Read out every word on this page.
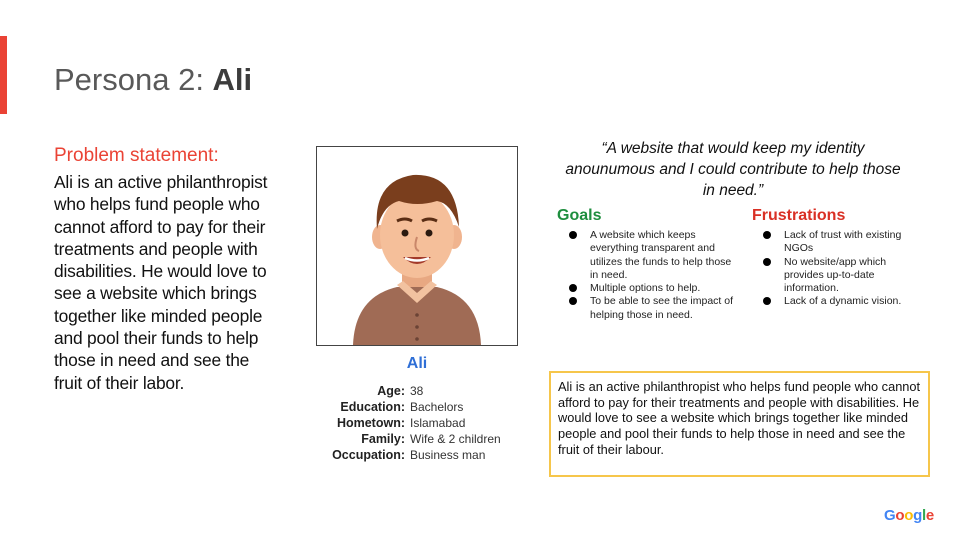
Persona 2: Ali
Problem statement:
Ali is an active philanthropist who helps fund people who cannot afford to pay for their treatments and people with disabilities. He would love to see a website which brings together like minded people and pool their funds to help those in need and see the fruit of their labor.
Ali
Age: 38
Education: Bachelors
Hometown: Islamabad
Family: Wife & 2 children
Occupation: Business man
“A website that would keep my identity anounumous and I could contribute to help those in need.”
Goals
A website which keeps everything transparent and utilizes the funds to help those in need.
Multiple options to help.
To be able to see the impact of helping those in need.
Frustrations
Lack of trust with existing NGOs
No website/app which provides up-to-date information.
Lack of a dynamic vision.
Ali is an active philanthropist who helps fund people who cannot afford to pay for their treatments and people with disabilities. He would love to see a website which brings together like minded people and pool their funds to help those in need and see the fruit of their labour.
Google
